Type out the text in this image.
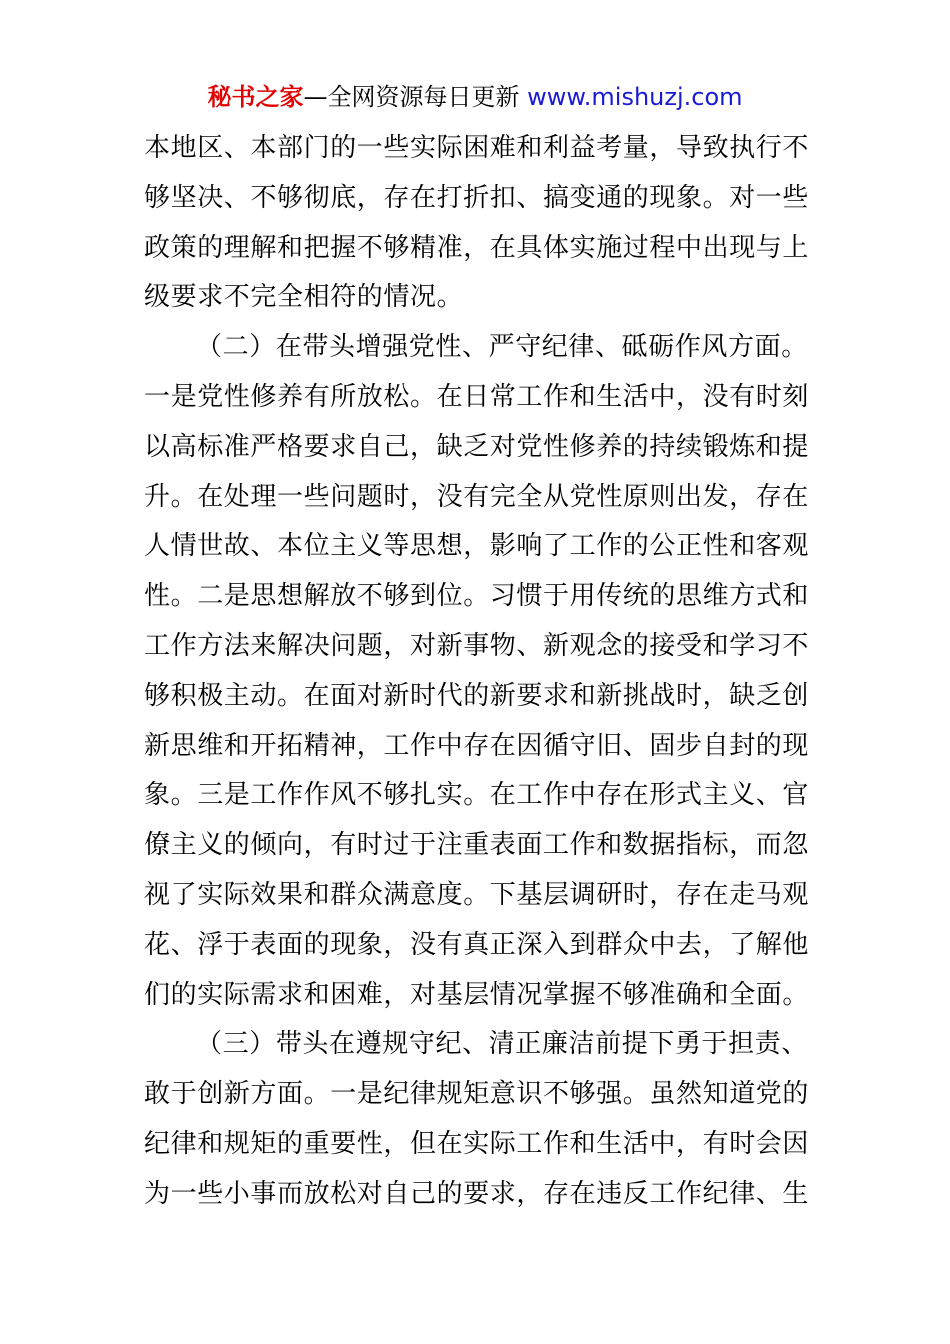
秘书之家—全网资源每日更新 www.mishuzj.com
本地区、本部门的一些实际困难和利益考量，导致执行不
够坚决、不够彻底，存在打折扣、搞变通的现象。对一些
政策的理解和把握不够精准，在具体实施过程中出现与上
级要求不完全相符的情况。
（二）在带头增强党性、严守纪律、砥砺作风方面。
一是党性修养有所放松。在日常工作和生活中，没有时刻
以高标准严格要求自己，缺乏对党性修养的持续锻炼和提
升。在处理一些问题时，没有完全从党性原则出发，存在
人情世故、本位主义等思想，影响了工作的公正性和客观
性。二是思想解放不够到位。习惯于用传统的思维方式和
工作方法来解决问题，对新事物、新观念的接受和学习不
够积极主动。在面对新时代的新要求和新挑战时，缺乏创
新思维和开拓精神，工作中存在因循守旧、固步自封的现
象。三是工作作风不够扎实。在工作中存在形式主义、官
僚主义的倾向，有时过于注重表面工作和数据指标，而忽
视了实际效果和群众满意度。下基层调研时，存在走马观
花、浮于表面的现象，没有真正深入到群众中去，了解他
们的实际需求和困难，对基层情况掌握不够准确和全面。
（三）带头在遵规守纪、清正廉洁前提下勇于担责、
敢于创新方面。一是纪律规矩意识不够强。虽然知道党的
纪律和规矩的重要性，但在实际工作和生活中，有时会因
为一些小事而放松对自己的要求，存在违反工作纪律、生
